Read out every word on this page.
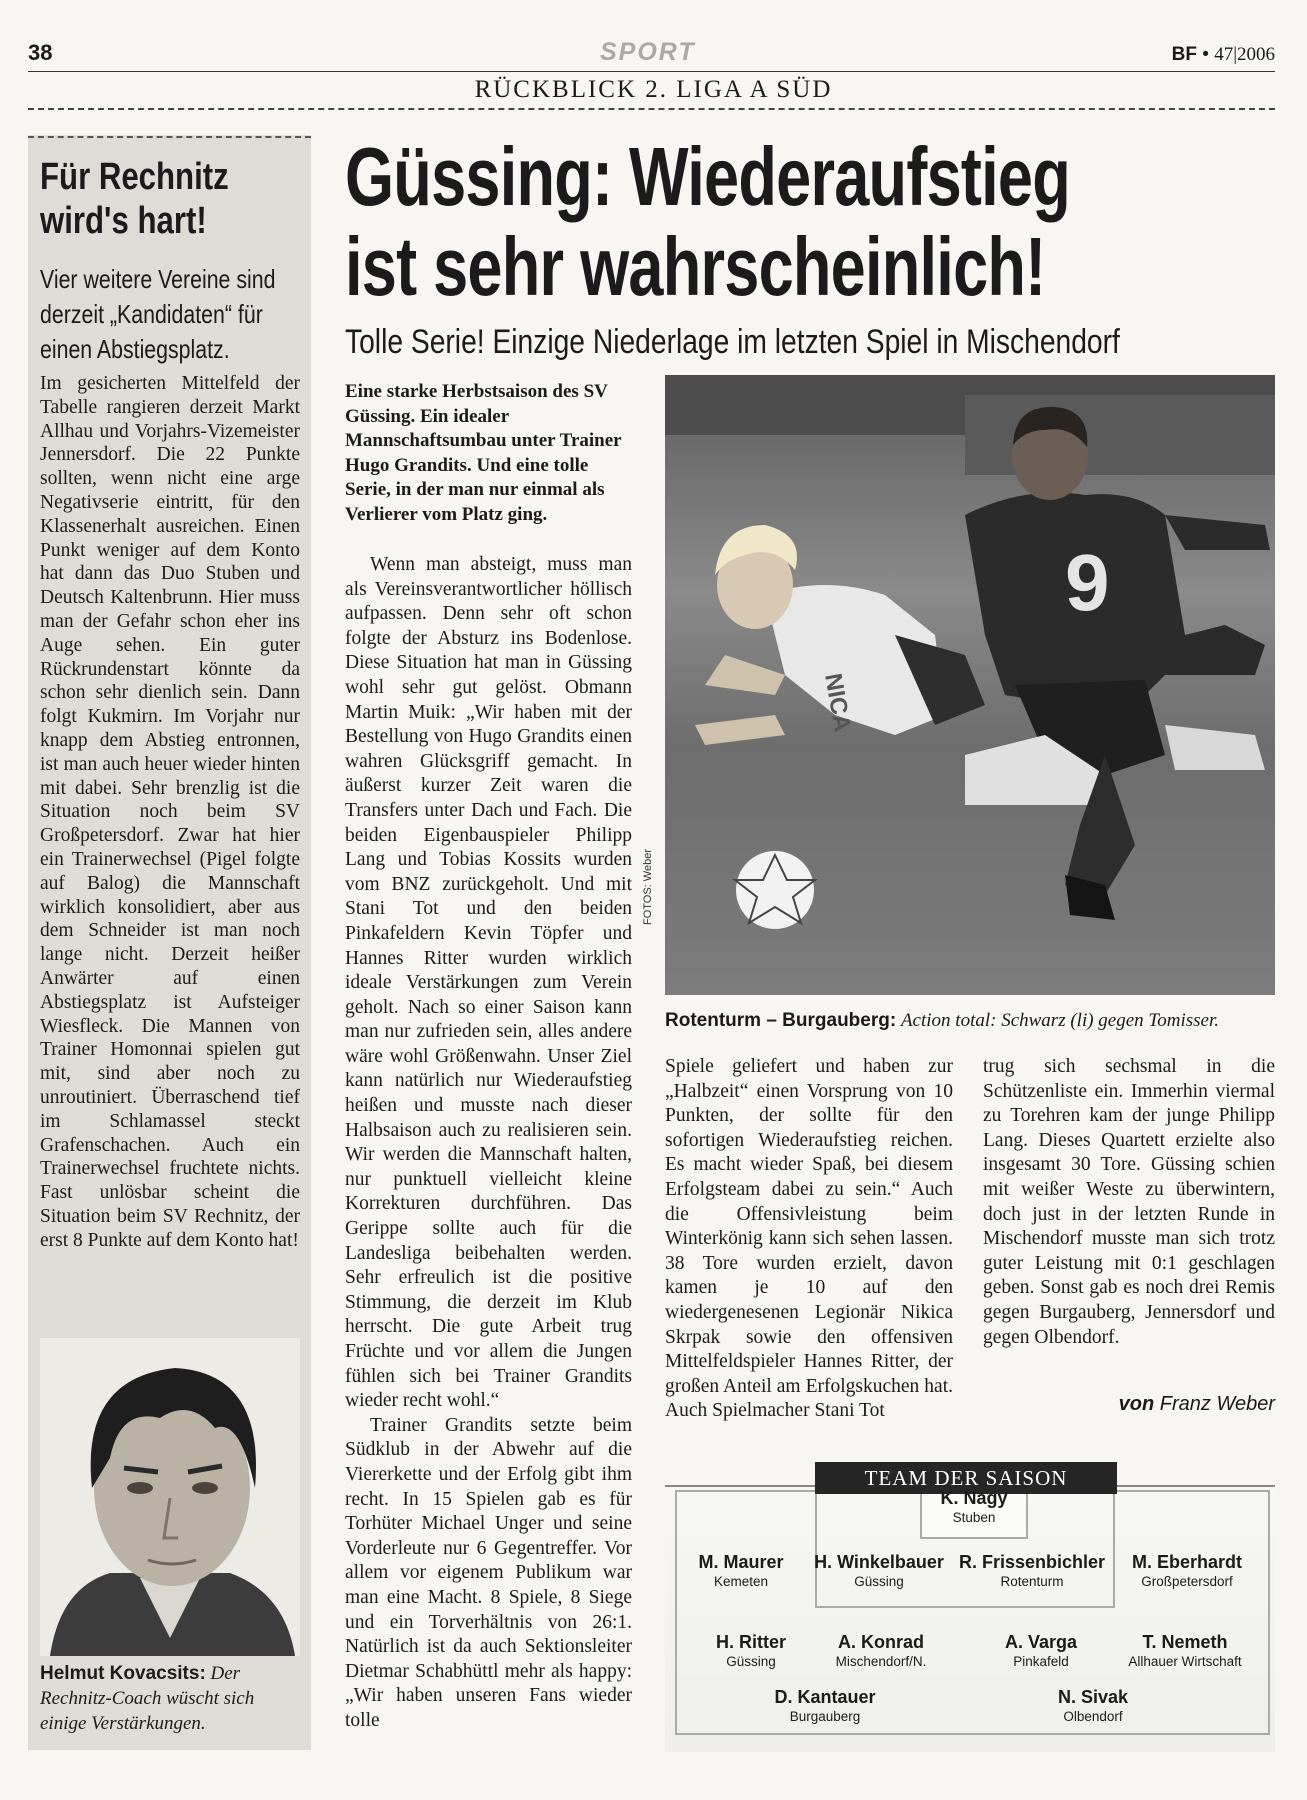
38	SPORT	BF • 47|2006
RÜCKBLICK 2. LIGA A SÜD
Für Rechnitz
wird's hart!
Vier weitere Vereine sind derzeit „Kandidaten“ für einen Abstiegsplatz.
Im gesicherten Mittelfeld der Tabelle rangieren derzeit Markt Allhau und Vorjahrs-Vizemeister Jennersdorf. Die 22 Punkte sollten, wenn nicht eine arge Negativserie eintritt, für den Klassenerhalt ausreichen. Einen Punkt weniger auf dem Konto hat dann das Duo Stuben und Deutsch Kaltenbrunn. Hier muss man der Gefahr schon eher ins Auge sehen. Ein guter Rückrundenstart könnte da schon sehr dienlich sein. Dann folgt Kukmirn. Im Vorjahr nur knapp dem Abstieg entronnen, ist man auch heuer wieder hinten mit dabei. Sehr brenzlig ist die Situation noch beim SV Großpetersdorf. Zwar hat hier ein Trainerwechsel (Pigel folgte auf Balog) die Mannschaft wirklich konsolidiert, aber aus dem Schneider ist man noch lange nicht. Derzeit heißer Anwärter auf einen Abstiegsplatz ist Aufsteiger Wiesfleck. Die Mannen von Trainer Homonnai spielen gut mit, sind aber noch zu unroutiniert. Überraschend tief im Schlamassel steckt Grafenschachen. Auch ein Trainerwechsel fruchtete nichts. Fast unlösbar scheint die Situation beim SV Rechnitz, der erst 8 Punkte auf dem Konto hat!
Helmut Kovacsits: Der Rechnitz-Coach wüscht sich einige Verstärkungen.
Güssing: Wiederaufstieg
ist sehr wahrscheinlich!
Tolle Serie! Einzige Niederlage im letzten Spiel in Mischendorf
Eine starke Herbstsaison des SV Güssing. Ein idealer Mannschaftsumbau unter Trainer Hugo Grandits. Und eine tolle Serie, in der man nur einmal als Verlierer vom Platz ging.

Wenn man absteigt, muss man als Vereinsverantwortlicher höllisch aufpassen. Denn sehr oft schon folgte der Absturz ins Bodenlose. Diese Situation hat man in Güssing wohl sehr gut gelöst. Obmann Martin Muik: „Wir haben mit der Bestellung von Hugo Grandits einen wahren Glücksgriff gemacht. In äußerst kurzer Zeit waren die Transfers unter Dach und Fach. Die beiden Eigenbauspieler Philipp Lang und Tobias Kossits wurden vom BNZ zurückgeholt. Und mit Stani Tot und den beiden Pinkafeldern Kevin Töpfer und Hannes Ritter wurden wirklich ideale Verstärkungen zum Verein geholt. Nach so einer Saison kann man nur zufrieden sein, alles andere wäre wohl Größenwahn. Unser Ziel kann natürlich nur Wiederaufstieg heißen und musste nach dieser Halbsaison auch zu realisieren sein. Wir werden die Mannschaft halten, nur punktuell vielleicht kleine Korrekturen durchführen. Das Gerippe sollte auch für die Landesliga beibehalten werden. Sehr erfreulich ist die positive Stimmung, die derzeit im Klub herrscht. Die gute Arbeit trug Früchte und vor allem die Jungen fühlen sich bei Trainer Grandits wieder recht wohl.“

Trainer Grandits setzte beim Südklub in der Abwehr auf die Viererkette und der Erfolg gibt ihm recht. In 15 Spielen gab es für Torhüter Michael Unger und seine Vorderleute nur 6 Gegentreffer. Vor allem vor eigenem Publikum war man eine Macht. 8 Spiele, 8 Siege und ein Torverhältnis von 26:1. Natürlich ist da auch Sektionsleiter Dietmar Schabhüttl mehr als happy: „Wir haben unseren Fans wieder tolle

9
NICA
FOTOS: Weber
Rotenturm – Burgauberg: Action total: Schwarz (li) gegen Tomisser.

Spiele geliefert und haben zur „Halbzeit“ einen Vorsprung von 10 Punkten, der sollte für den sofortigen Wiederaufstieg reichen. Es macht wieder Spaß, bei diesem Erfolgsteam dabei zu sein.“ Auch die Offensivleistung beim Winterkönig kann sich sehen lassen. 38 Tore wurden erzielt, davon kamen je 10 auf den wiedergenesenen Legionär Nikica Skrpak sowie den offensiven Mittelfeldspieler Hannes Ritter, der großen Anteil am Erfolgskuchen hat. Auch Spielmacher Stani Tot

trug sich sechsmal in die Schützenliste ein. Immerhin viermal zu Torehren kam der junge Philipp Lang. Dieses Quartett erzielte also insgesamt 30 Tore. Güssing schien mit weißer Weste zu überwintern, doch just in der letzten Runde in Mischendorf musste man sich trotz guter Leistung mit 0:1 geschlagen geben. Sonst gab es noch drei Remis gegen Burgauberg, Jennersdorf und gegen Olbendorf.

von Franz Weber
TEAM DER SAISON
K. Nagy
Stuben
M. Maurer
Kemeten
H. Winkelbauer
Güssing
R. Frissenbichler
Rotenturm
M. Eberhardt
Großpetersdorf
H. Ritter
Güssing
A. Konrad
Mischendorf/N.
A. Varga
Pinkafeld
T. Nemeth
Allhauer Wirtschaft
D. Kantauer
Burgauberg
N. Sivak
Olbendorf
